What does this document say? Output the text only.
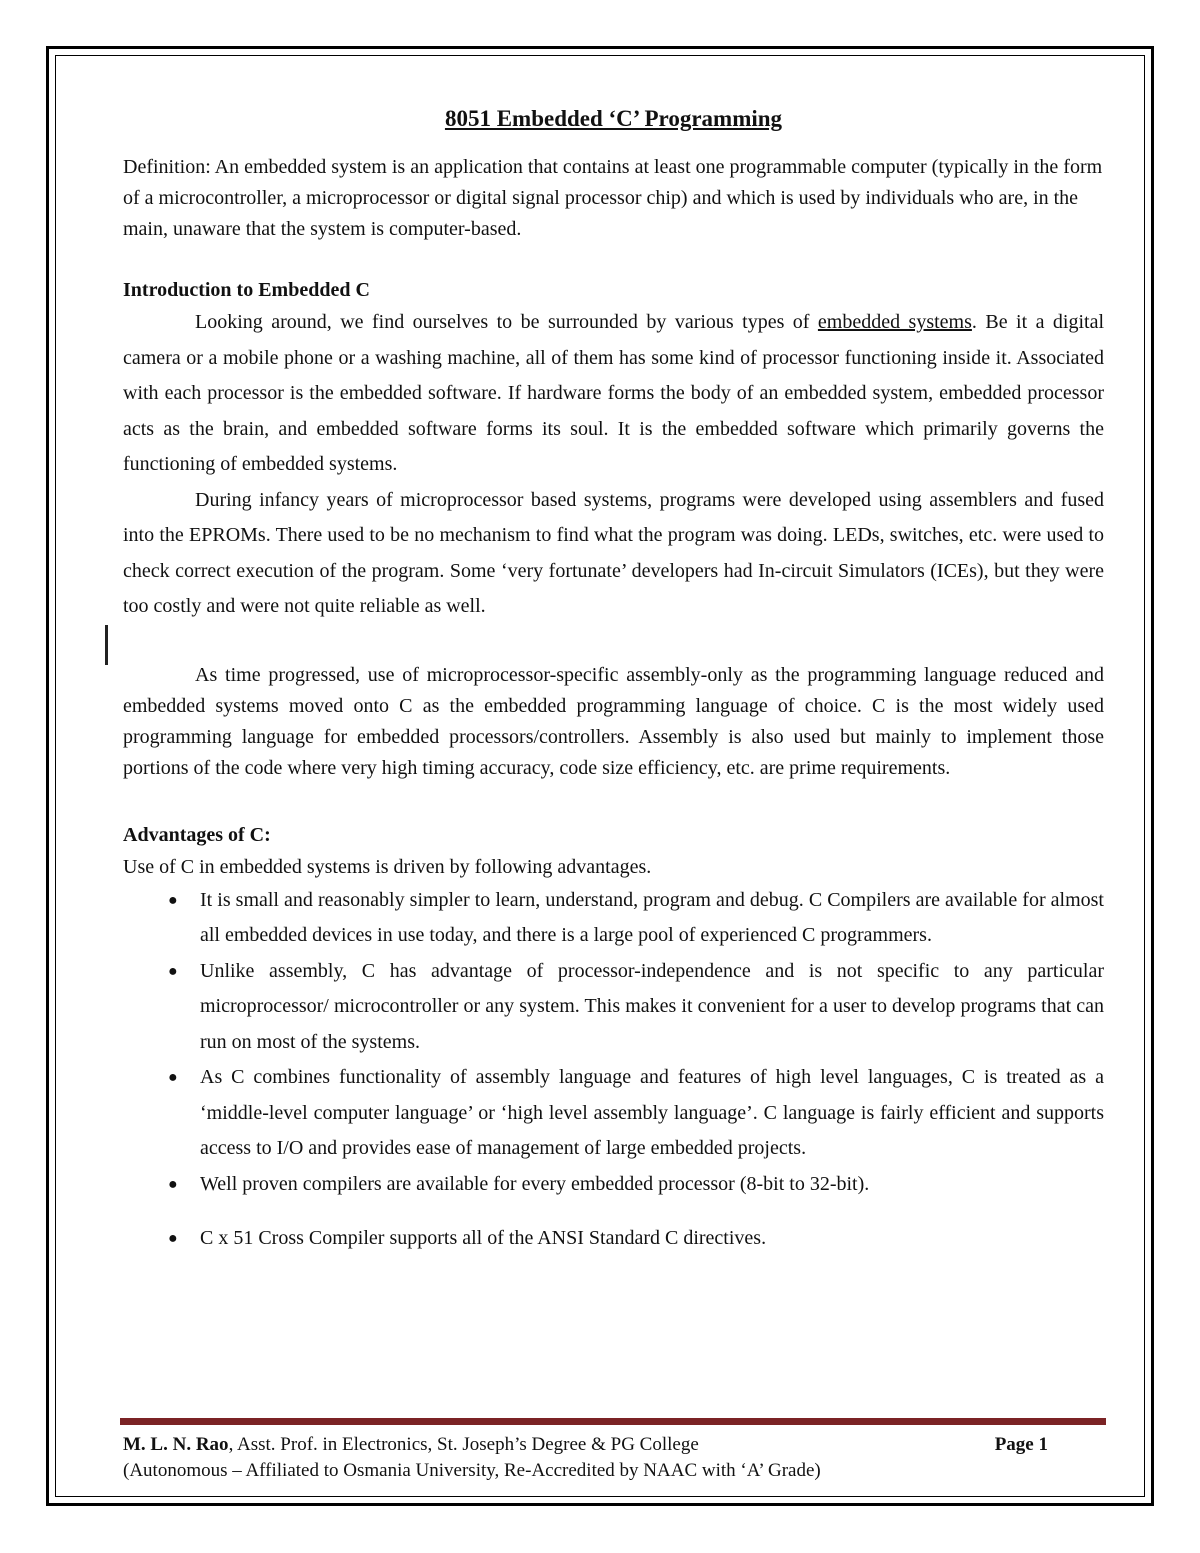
8051 Embedded ‘C’ Programming

Definition: An embedded system is an application that contains at least one programmable computer (typically in the form of a microcontroller, a microprocessor or digital signal processor chip) and which is used by individuals who are, in the main, unaware that the system is computer-based.

Introduction to Embedded C

Looking around, we find ourselves to be surrounded by various types of embedded systems. Be it a digital camera or a mobile phone or a washing machine, all of them has some kind of processor functioning inside it. Associated with each processor is the embedded software. If hardware forms the body of an embedded system, embedded processor acts as the brain, and embedded software forms its soul. It is the embedded software which primarily governs the functioning of embedded systems.

During infancy years of microprocessor based systems, programs were developed using assemblers and fused into the EPROMs. There used to be no mechanism to find what the program was doing. LEDs, switches, etc. were used to check correct execution of the program. Some ‘very fortunate’ developers had In-circuit Simulators (ICEs), but they were too costly and were not quite reliable as well.

As time progressed, use of microprocessor-specific assembly-only as the programming language reduced and embedded systems moved onto C as the embedded programming language of choice. C is the most widely used programming language for embedded processors/controllers. Assembly is also used but mainly to implement those portions of the code where very high timing accuracy, code size efficiency, etc. are prime requirements.

Advantages of C:

Use of C in embedded systems is driven by following advantages.

● It is small and reasonably simpler to learn, understand, program and debug. C Compilers are available for almost all embedded devices in use today, and there is a large pool of experienced C programmers.
● Unlike assembly, C has advantage of processor-independence and is not specific to any particular microprocessor/ microcontroller or any system. This makes it convenient for a user to develop programs that can run on most of the systems.
● As C combines functionality of assembly language and features of high level languages, C is treated as a ‘middle-level computer language’ or ‘high level assembly language’. C language is fairly efficient and supports access to I/O and provides ease of management of large embedded projects.
● Well proven compilers are available for every embedded processor (8-bit to 32-bit).
● C x 51 Cross Compiler supports all of the ANSI Standard C directives.
M. L. N. Rao, Asst. Prof. in Electronics, St. Joseph’s Degree & PG College	Page 1
(Autonomous – Affiliated to Osmania University, Re-Accredited by NAAC with ‘A’ Grade)
